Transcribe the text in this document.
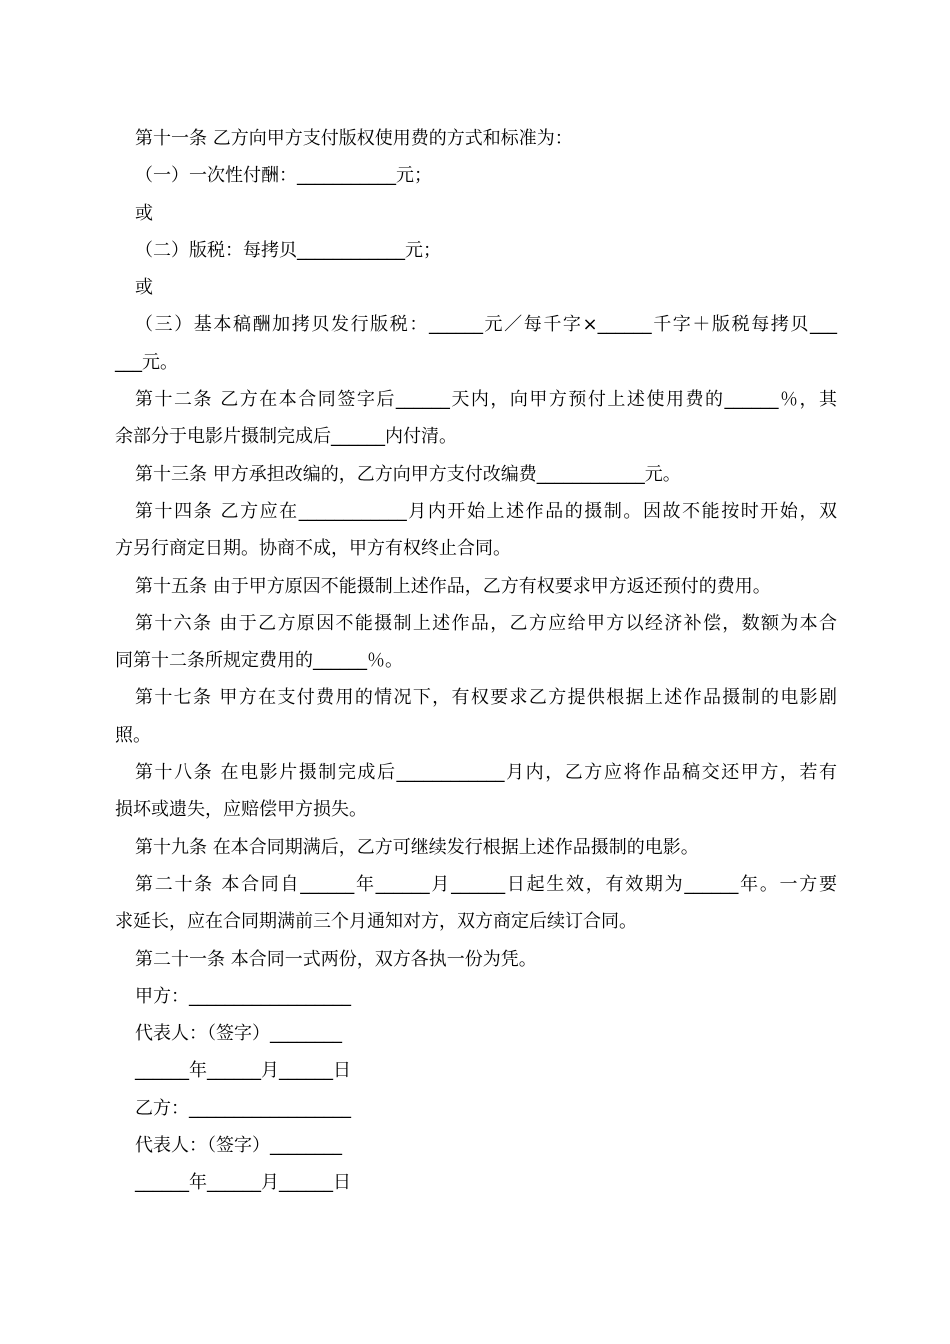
第十一条 乙方向甲方支付版权使用费的方式和标准为：
（一）一次性付酬：___________元；
或
（二）版税：每拷贝____________元；
或
（三）基本稿酬加拷贝发行版税：______元／每千字×______千字＋版税每拷贝___
___元。
第十二条 乙方在本合同签字后______天内，向甲方预付上述使用费的______％，其
余部分于电影片摄制完成后______内付清。
第十三条 甲方承担改编的，乙方向甲方支付改编费____________元。
第十四条 乙方应在____________月内开始上述作品的摄制。因故不能按时开始，双
方另行商定日期。协商不成，甲方有权终止合同。
第十五条 由于甲方原因不能摄制上述作品，乙方有权要求甲方返还预付的费用。
第十六条 由于乙方原因不能摄制上述作品，乙方应给甲方以经济补偿，数额为本合
同第十二条所规定费用的______％。
第十七条 甲方在支付费用的情况下，有权要求乙方提供根据上述作品摄制的电影剧
照。
第十八条 在电影片摄制完成后____________月内，乙方应将作品稿交还甲方，若有
损坏或遗失，应赔偿甲方损失。
第十九条 在本合同期满后，乙方可继续发行根据上述作品摄制的电影。
第二十条 本合同自______年______月______日起生效，有效期为______年。一方要
求延长，应在合同期满前三个月通知对方，双方商定后续订合同。
第二十一条 本合同一式两份，双方各执一份为凭。
甲方：__________________
代表人：（签字）________
______年______月______日
乙方：__________________
代表人：（签字）________
______年______月______日
